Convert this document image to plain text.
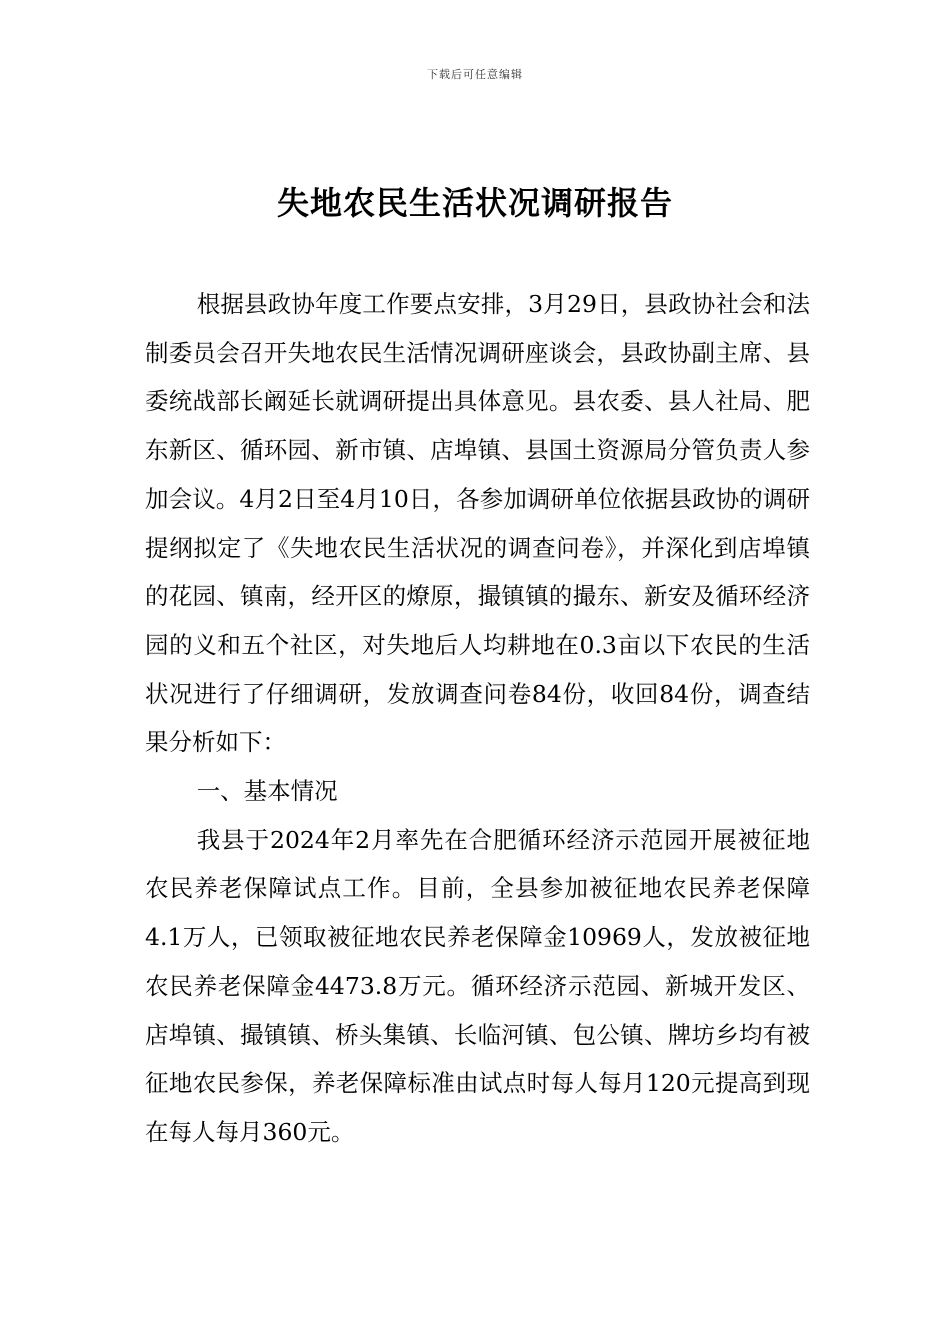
下载后可任意编辑
失地农民生活状况调研报告

根据县政协年度工作要点安排，3月29日，县政协社会和法制委员会召开失地农民生活情况调研座谈会，县政协副主席、县委统战部长阚延长就调研提出具体意见。县农委、县人社局、肥东新区、循环园、新市镇、店埠镇、县国土资源局分管负责人参加会议。4月2日至4月10日，各参加调研单位依据县政协的调研提纲拟定了《失地农民生活状况的调查问卷》，并深化到店埠镇的花园、镇南，经开区的燎原，撮镇镇的撮东、新安及循环经济园的义和五个社区，对失地后人均耕地在0.3亩以下农民的生活状况进行了仔细调研，发放调查问卷84份，收回84份，调查结果分析如下：

一、基本情况

我县于2024年2月率先在合肥循环经济示范园开展被征地农民养老保障试点工作。目前，全县参加被征地农民养老保障4.1万人，已领取被征地农民养老保障金10969人，发放被征地农民养老保障金4473.8万元。循环经济示范园、新城开发区、店埠镇、撮镇镇、桥头集镇、长临河镇、包公镇、牌坊乡均有被征地农民参保，养老保障标准由试点时每人每月120元提高到现在每人每月360元。
